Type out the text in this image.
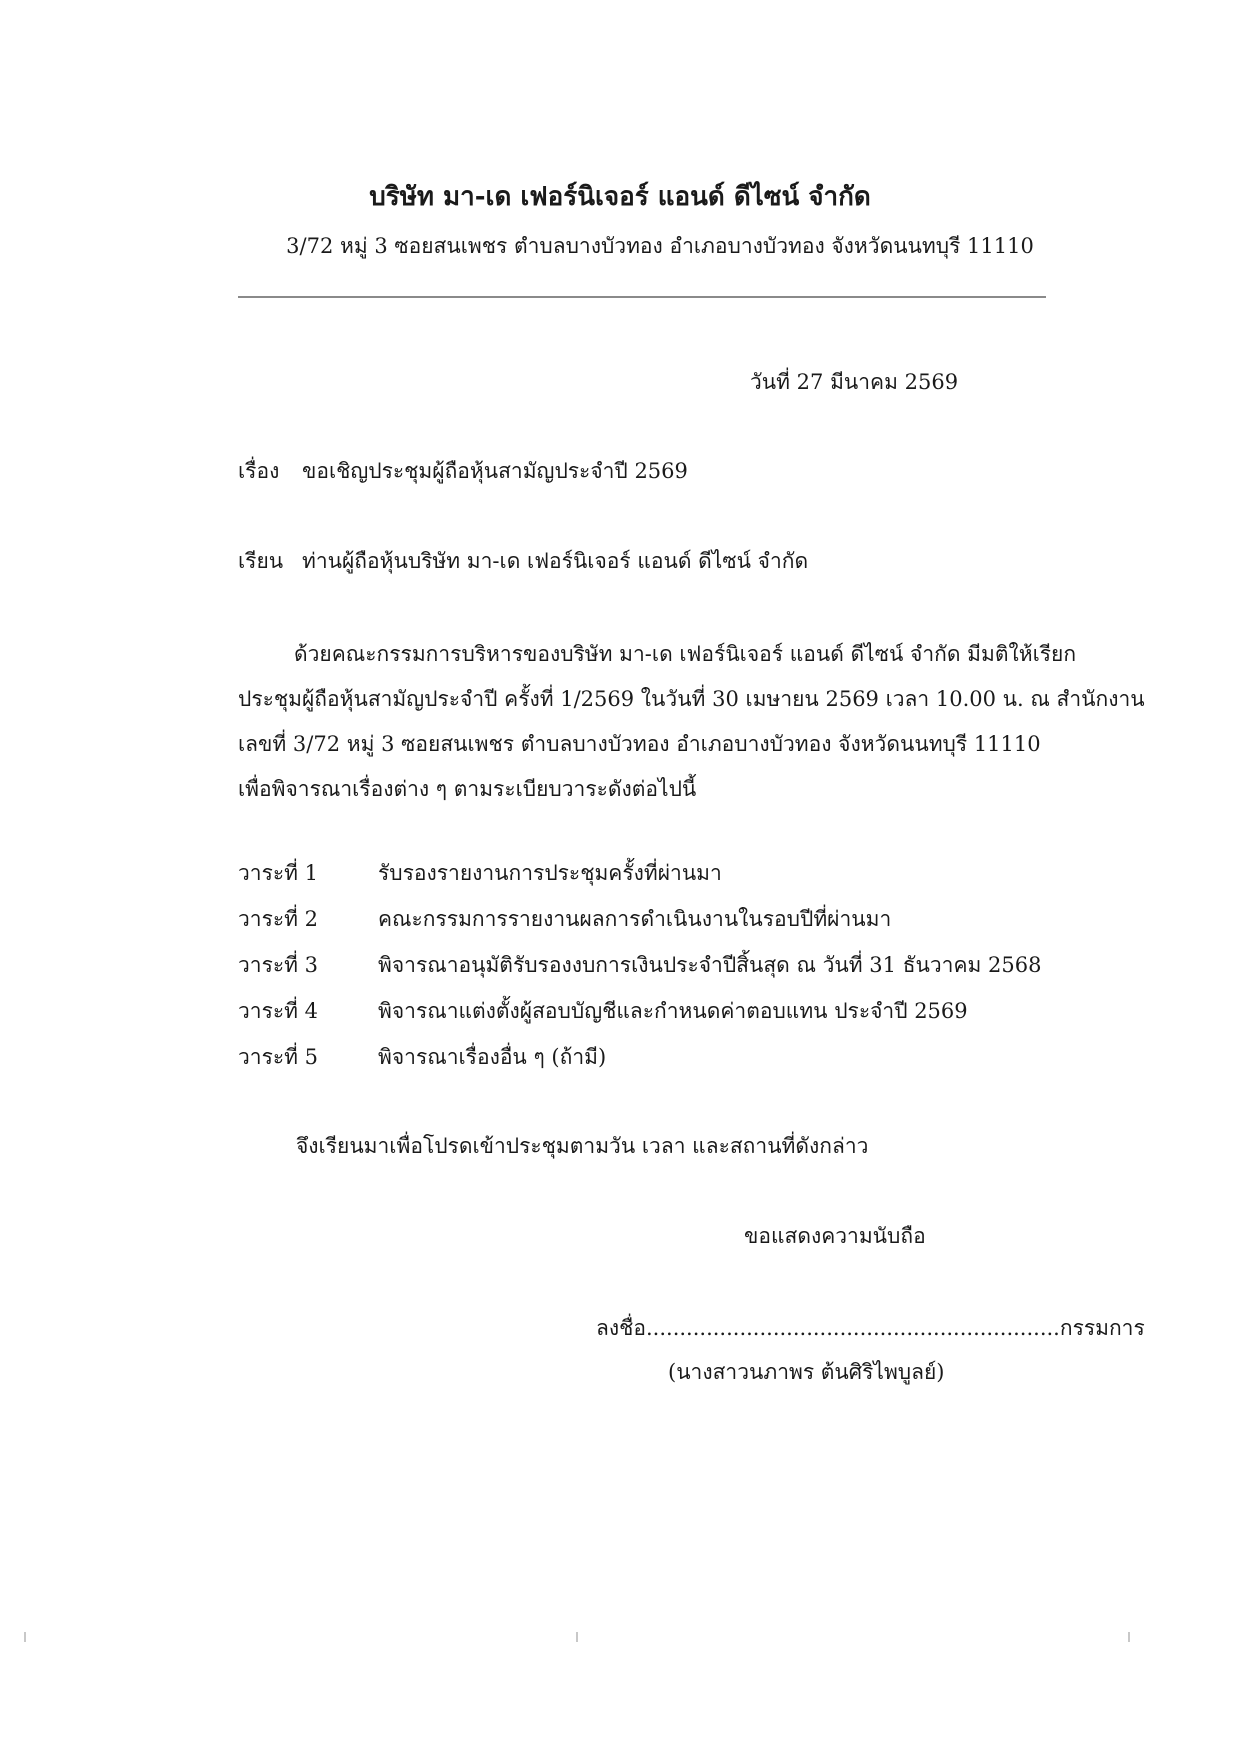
บริษัท มา-เด เฟอร์นิเจอร์ แอนด์ ดีไซน์ จำกัด
3/72 หมู่ 3 ซอยสนเพชร ตำบลบางบัวทอง อำเภอบางบัวทอง จังหวัดนนทบุรี 11110
วันที่ 27 มีนาคม 2569
เรื่อง ขอเชิญประชุมผู้ถือหุ้นสามัญประจำปี 2569
เรียน ท่านผู้ถือหุ้นบริษัท มา-เด เฟอร์นิเจอร์ แอนด์ ดีไซน์ จำกัด
ด้วยคณะกรรมการบริหารของบริษัท มา-เด เฟอร์นิเจอร์ แอนด์ ดีไซน์ จำกัด มีมติให้เรียก
ประชุมผู้ถือหุ้นสามัญประจำปี ครั้งที่ 1/2569 ในวันที่ 30 เมษายน 2569 เวลา 10.00 น. ณ สำนักงาน
เลขที่ 3/72 หมู่ 3 ซอยสนเพชร ตำบลบางบัวทอง อำเภอบางบัวทอง จังหวัดนนทบุรี 11110
เพื่อพิจารณาเรื่องต่าง ๆ ตามระเบียบวาระดังต่อไปนี้
วาระที่ 1	รับรองรายงานการประชุมครั้งที่ผ่านมา
วาระที่ 2	คณะกรรมการรายงานผลการดำเนินงานในรอบปีที่ผ่านมา
วาระที่ 3	พิจารณาอนุมัติรับรองงบการเงินประจำปีสิ้นสุด ณ วันที่ 31 ธันวาคม 2568
วาระที่ 4	พิจารณาแต่งตั้งผู้สอบบัญชีและกำหนดค่าตอบแทน ประจำปี 2569
วาระที่ 5	พิจารณาเรื่องอื่น ๆ (ถ้ามี)
จึงเรียนมาเพื่อโปรดเข้าประชุมตามวัน เวลา และสถานที่ดังกล่าว
ขอแสดงความนับถือ
ลงชื่อ..............................................................กรรมการ
(นางสาวนภาพร ต้นศิริไพบูลย์)
